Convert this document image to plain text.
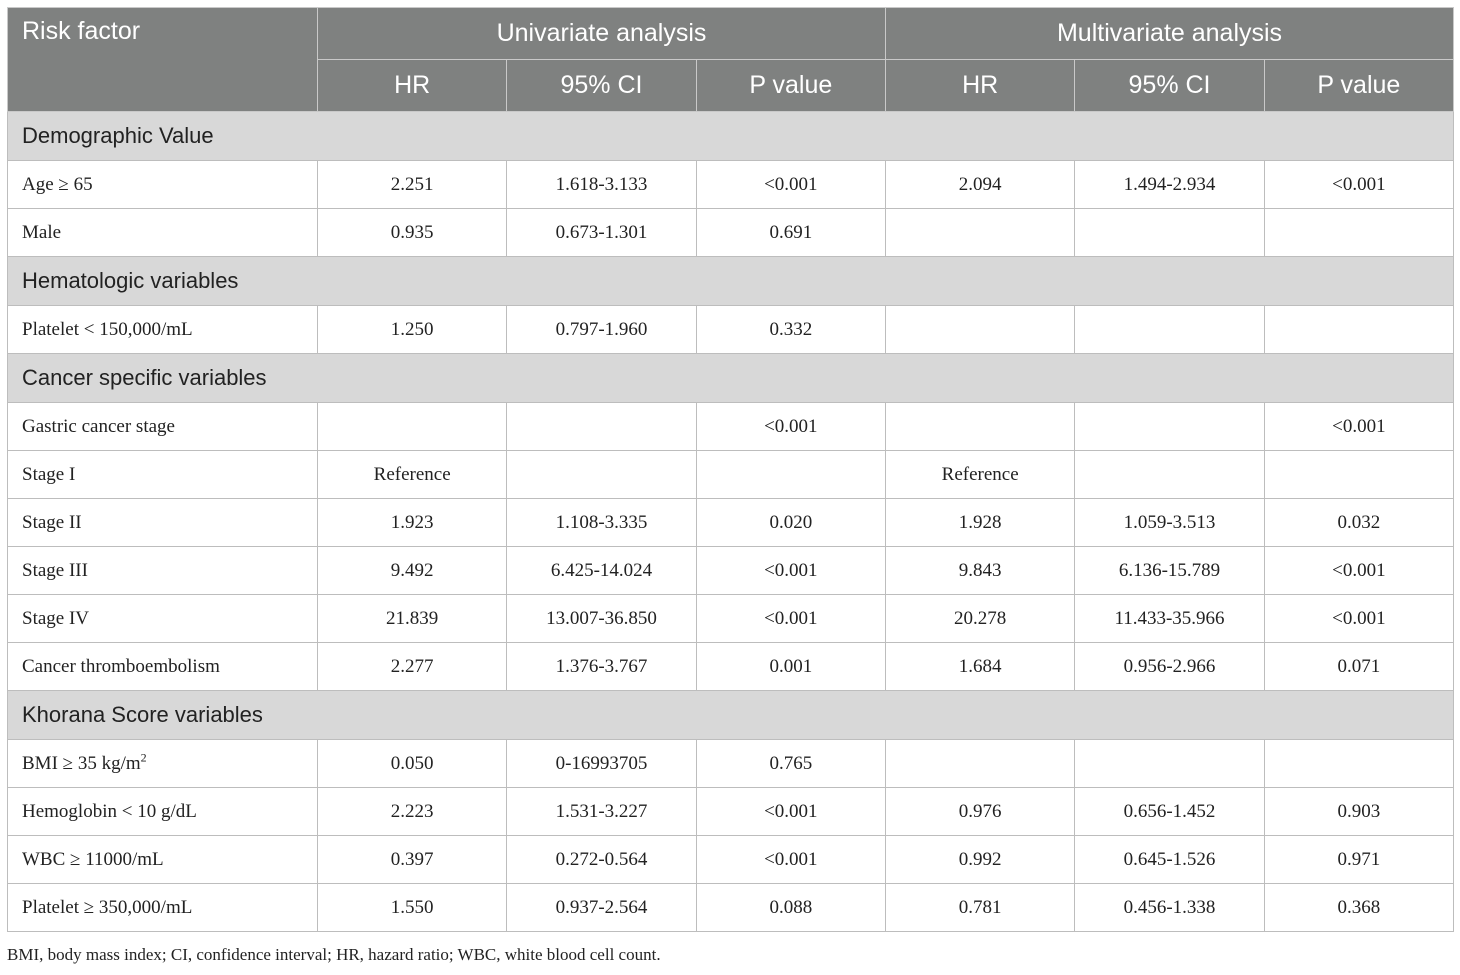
Risk factor	Univariate analysis			Multivariate analysis		
	HR	95% CI	P value	HR	95% CI	P value
Demographic Value						
Age ≥ 65	2.251	1.618-3.133	<0.001	2.094	1.494-2.934	<0.001
Male	0.935	0.673-1.301	0.691			
Hematologic variables						
Platelet < 150,000/mL	1.250	0.797-1.960	0.332			
Cancer specific variables						
Gastric cancer stage			<0.001			<0.001
Stage I	Reference			Reference		
Stage II	1.923	1.108-3.335	0.020	1.928	1.059-3.513	0.032
Stage III	9.492	6.425-14.024	<0.001	9.843	6.136-15.789	<0.001
Stage IV	21.839	13.007-36.850	<0.001	20.278	11.433-35.966	<0.001
Cancer thromboembolism	2.277	1.376-3.767	0.001	1.684	0.956-2.966	0.071
Khorana Score variables						
BMI ≥ 35 $kg/m^2$	0.050	0-16993705	0.765			
Hemoglobin < 10 g/dL	2.223	1.531-3.227	<0.001	0.976	0.656-1.452	0.903
WBC ≥ 11000/mL	0.397	0.272-0.564	<0.001	0.992	0.645-1.526	0.971
Platelet ≥ 350,000/mL	1.550	0.937-2.564	0.088	0.781	0.456-1.338	0.368
BMI, body mass index; CI, confidence interval; HR, hazard ratio; WBC, white blood cell count.
